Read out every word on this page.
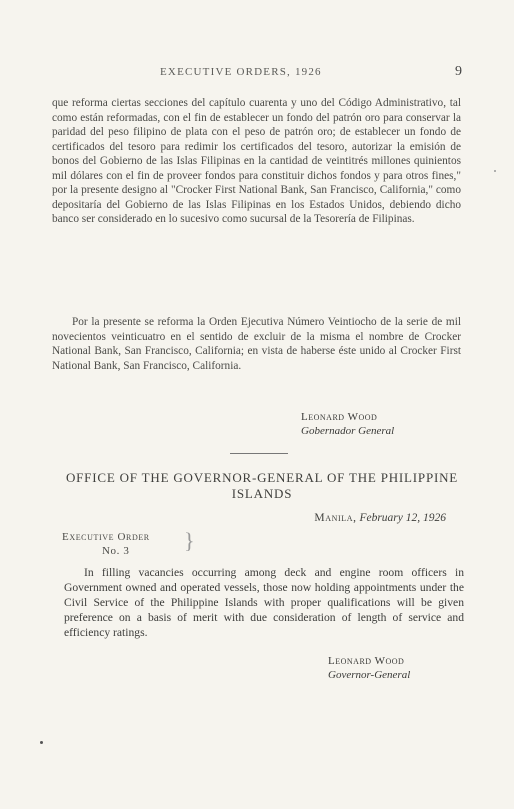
EXECUTIVE ORDERS, 1926	9

que reforma ciertas secciones del capítulo cuarenta y uno del Código Administrativo, tal como están reformadas, con el fin de establecer un fondo del patrón oro para conservar la paridad del peso filipino de plata con el peso de patrón oro; de establecer un fondo de certificados del tesoro para redimir los certificados del tesoro, autorizar la emisión de bonos del Gobierno de las Islas Filipinas en la cantidad de veintitrés millones quinientos mil dólares con el fin de proveer fondos para constituir dichos fondos y para otros fines," por la presente designo al "Crocker First National Bank, San Francisco, California," como depositaría del Gobierno de las Islas Filipinas en los Estados Unidos, debiendo dicho banco ser considerado en lo sucesivo como sucursal de la Tesorería de Filipinas.

Por la presente se reforma la Orden Ejecutiva Número Veintiocho de la serie de mil novecientos veinticuatro en el sentido de excluir de la misma el nombre de Crocker National Bank, San Francisco, California; en vista de haberse éste unido al Crocker First National Bank, San Francisco, California.

Leonard Wood
Gobernador General
OFFICE OF THE GOVERNOR-GENERAL OF THE PHILIPPINE ISLANDS
Manila, February 12, 1926
Executive Order
No. 3	}

In filling vacancies occurring among deck and engine room officers in Government owned and operated vessels, those now holding appointments under the Civil Service of the Philippine Islands with proper qualifications will be given preference on a basis of merit with due consideration of length of service and efficiency ratings.

Leonard Wood
Governor-General
